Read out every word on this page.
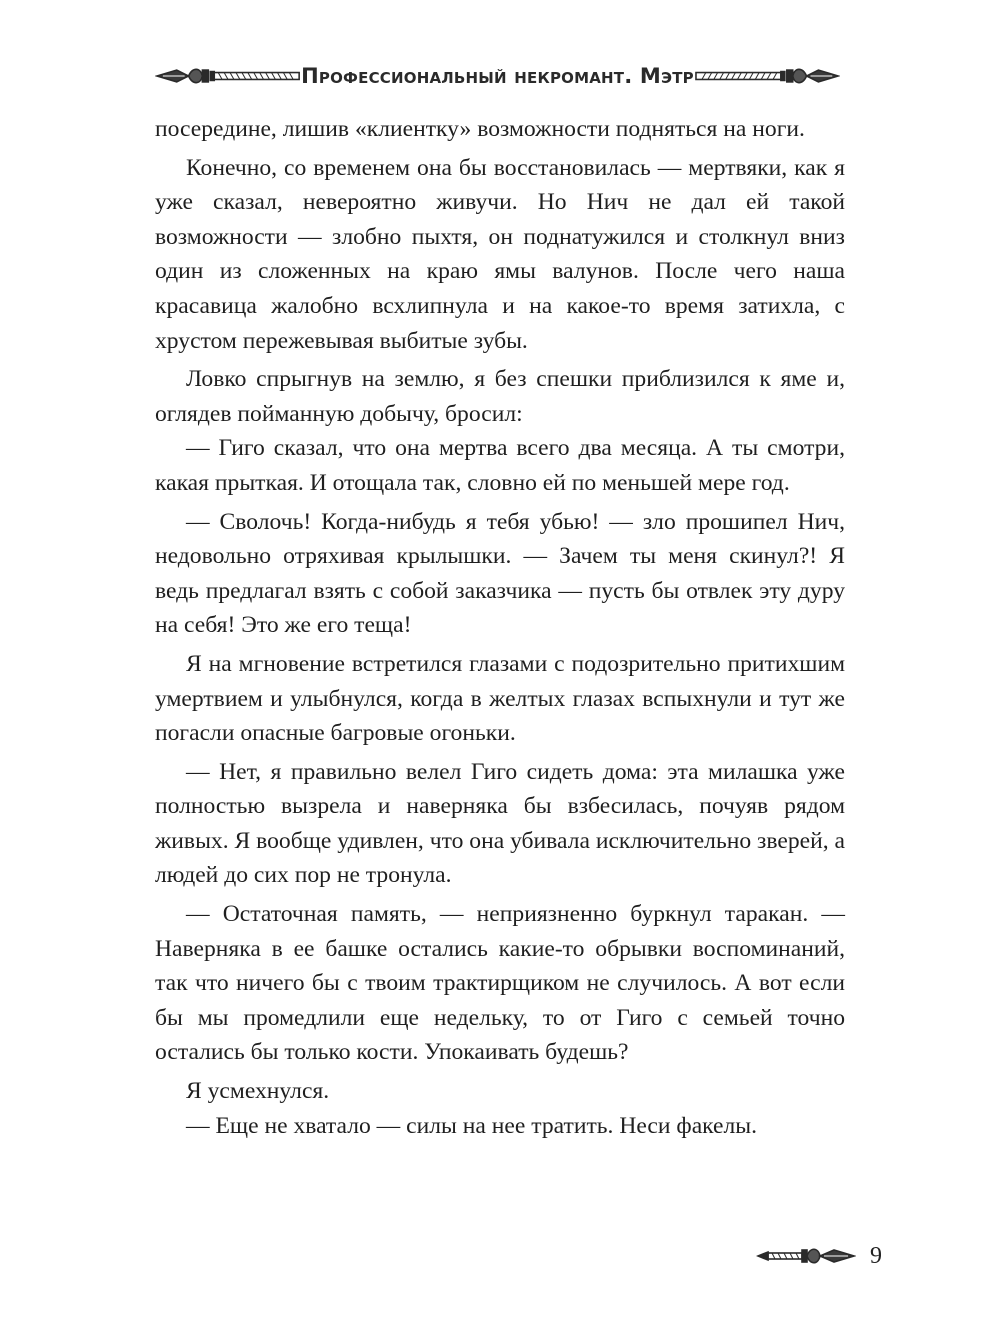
Профессиональный некромант. Мэтр

посередине, лишив «клиентку» возможности подняться на ноги.

Конечно, со временем она бы восстановилась — мертвяки, как я уже сказал, невероятно живучи. Но Нич не дал ей такой возможности — злобно пыхтя, он поднатужился и столкнул вниз один из сложенных на краю ямы валунов. После чего наша красавица жалобно всхлипнула и на какое-то время затихла, с хрустом пережевывая выбитые зубы.

Ловко спрыгнув на землю, я без спешки приблизился к яме и, оглядев пойманную добычу, бросил:

— Гиго сказал, что она мертва всего два месяца. А ты смотри, какая прыткая. И отощала так, словно ей по меньшей мере год.

— Сволочь! Когда-нибудь я тебя убью! — зло прошипел Нич, недовольно отряхивая крылышки. — Зачем ты меня скинул?! Я ведь предлагал взять с собой заказчика — пусть бы отвлек эту дуру на себя! Это же его теща!

Я на мгновение встретился глазами с подозрительно притихшим умертвием и улыбнулся, когда в желтых глазах вспыхнули и тут же погасли опасные багровые огоньки.

— Нет, я правильно велел Гиго сидеть дома: эта милашка уже полностью вызрела и наверняка бы взбесилась, почуяв рядом живых. Я вообще удивлен, что она убивала исключительно зверей, а людей до сих пор не тронула.

— Остаточная память, — неприязненно буркнул таракан. — Наверняка в ее башке остались какие-то обрывки воспоминаний, так что ничего бы с твоим трактирщиком не случилось. А вот если бы мы промедлили еще недельку, то от Гиго с семьей точно остались бы только кости. Упокаивать будешь?

Я усмехнулся.

— Еще не хватало — силы на нее тратить. Неси факелы.

9
